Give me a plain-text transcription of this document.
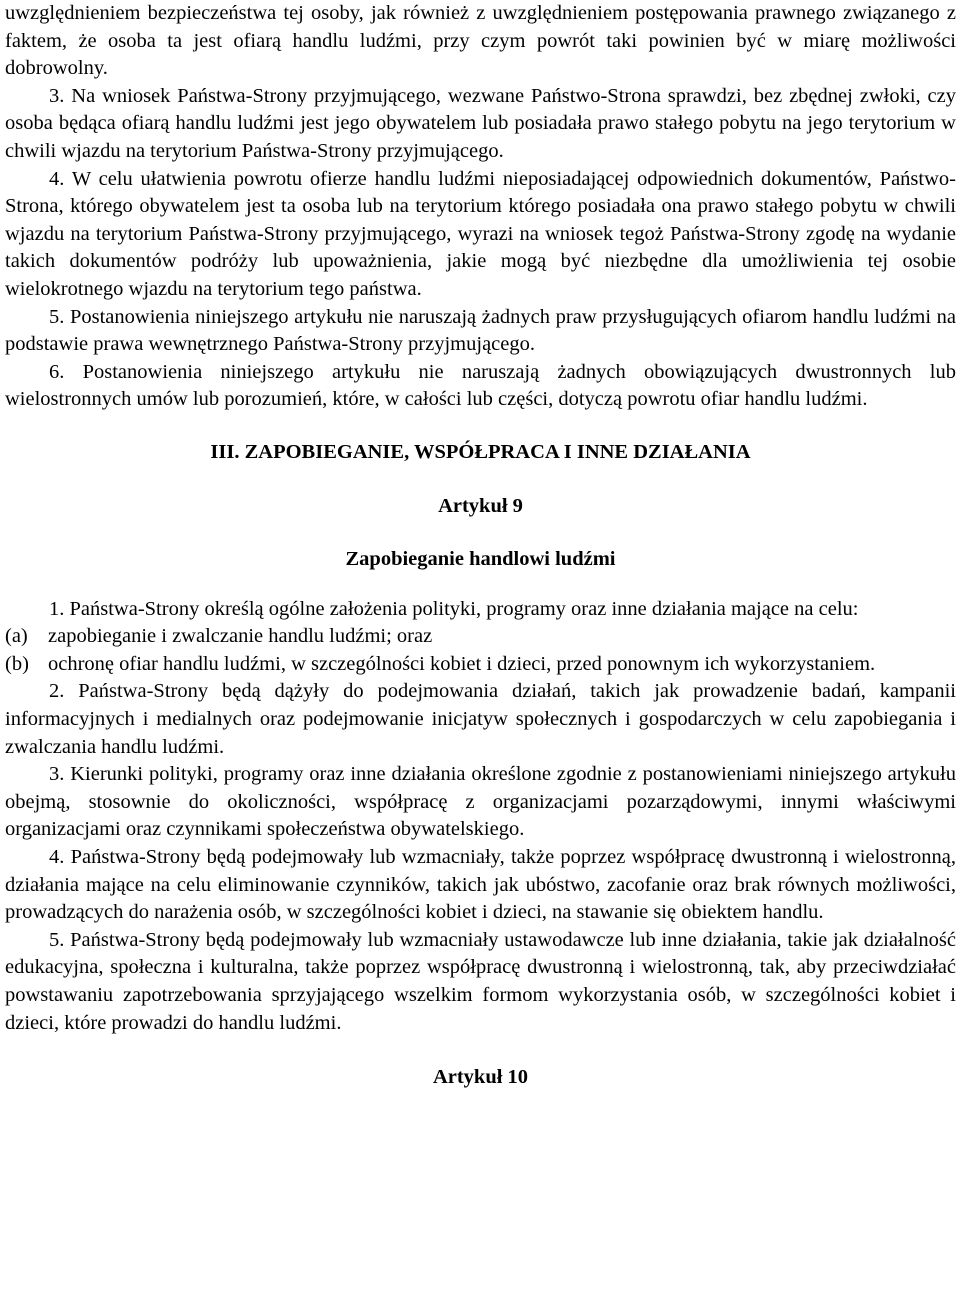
uwzględnieniem bezpieczeństwa tej osoby, jak również z uwzględnieniem postępowania prawnego związanego z faktem, że osoba ta jest ofiarą handlu ludźmi, przy czym powrót taki powinien być w miarę możliwości dobrowolny.

3. Na wniosek Państwa-Strony przyjmującego, wezwane Państwo-Strona sprawdzi, bez zbędnej zwłoki, czy osoba będąca ofiarą handlu ludźmi jest jego obywatelem lub posiadała prawo stałego pobytu na jego terytorium w chwili wjazdu na terytorium Państwa-Strony przyjmującego.

4. W celu ułatwienia powrotu ofierze handlu ludźmi nieposiadającej odpowiednich dokumentów, Państwo-Strona, którego obywatelem jest ta osoba lub na terytorium którego posiadała ona prawo stałego pobytu w chwili wjazdu na terytorium Państwa-Strony przyjmującego, wyrazi na wniosek tegoż Państwa-Strony zgodę na wydanie takich dokumentów podróży lub upoważnienia, jakie mogą być niezbędne dla umożliwienia tej osobie wielokrotnego wjazdu na terytorium tego państwa.

5. Postanowienia niniejszego artykułu nie naruszają żadnych praw przysługujących ofiarom handlu ludźmi na podstawie prawa wewnętrznego Państwa-Strony przyjmującego.

6. Postanowienia niniejszego artykułu nie naruszają żadnych obowiązujących dwustronnych lub wielostronnych umów lub porozumień, które, w całości lub części, dotyczą powrotu ofiar handlu ludźmi.

III. ZAPOBIEGANIE, WSPÓŁPRACA I INNE DZIAŁANIA

Artykuł 9

Zapobieganie handlowi ludźmi

1. Państwa-Strony określą ogólne założenia polityki, programy oraz inne działania mające na celu:

(a) zapobieganie i zwalczanie handlu ludźmi; oraz

(b) ochronę ofiar handlu ludźmi, w szczególności kobiet i dzieci, przed ponownym ich wykorzystaniem.

2. Państwa-Strony będą dążyły do podejmowania działań, takich jak prowadzenie badań, kampanii informacyjnych i medialnych oraz podejmowanie inicjatyw społecznych i gospodarczych w celu zapobiegania i zwalczania handlu ludźmi.

3. Kierunki polityki, programy oraz inne działania określone zgodnie z postanowieniami niniejszego artykułu obejmą, stosownie do okoliczności, współpracę z organizacjami pozarządowymi, innymi właściwymi organizacjami oraz czynnikami społeczeństwa obywatelskiego.

4. Państwa-Strony będą podejmowały lub wzmacniały, także poprzez współpracę dwustronną i wielostronną, działania mające na celu eliminowanie czynników, takich jak ubóstwo, zacofanie oraz brak równych możliwości, prowadzących do narażenia osób, w szczególności kobiet i dzieci, na stawanie się obiektem handlu.

5. Państwa-Strony będą podejmowały lub wzmacniały ustawodawcze lub inne działania, takie jak działalność edukacyjna, społeczna i kulturalna, także poprzez współpracę dwustronną i wielostronną, tak, aby przeciwdziałać powstawaniu zapotrzebowania sprzyjającego wszelkim formom wykorzystania osób, w szczególności kobiet i dzieci, które prowadzi do handlu ludźmi.

Artykuł 10
